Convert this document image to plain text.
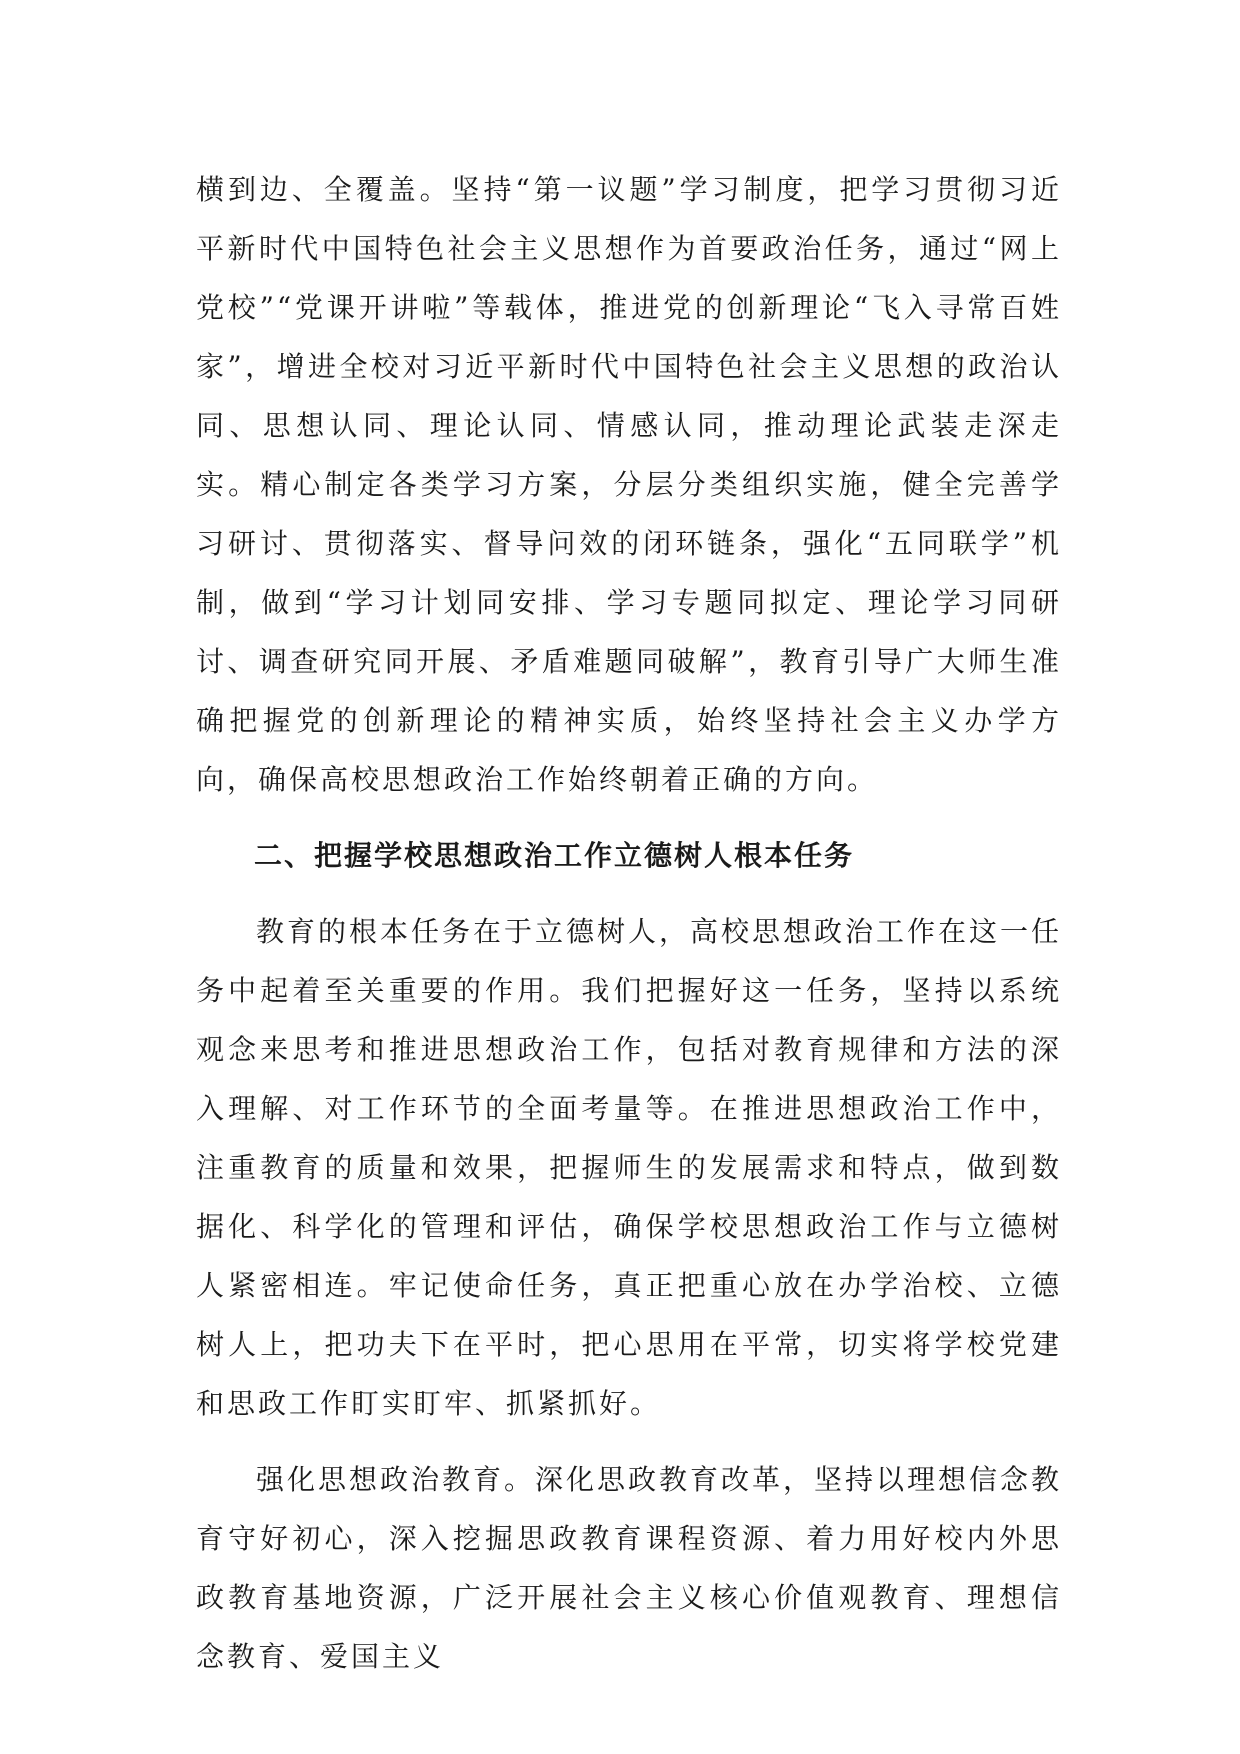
横到边、全覆盖。坚持“第一议题”学习制度，把学习贯彻习近平新时代中国特色社会主义思想作为首要政治任务，通过“网上党校”“党课开讲啦”等载体，推进党的创新理论“飞入寻常百姓家”，增进全校对习近平新时代中国特色社会主义思想的政治认同、思想认同、理论认同、情感认同，推动理论武装走深走实。精心制定各类学习方案，分层分类组织实施，健全完善学习研讨、贯彻落实、督导问效的闭环链条，强化“五同联学”机制，做到“学习计划同安排、学习专题同拟定、理论学习同研讨、调查研究同开展、矛盾难题同破解”，教育引导广大师生准确把握党的创新理论的精神实质，始终坚持社会主义办学方向，确保高校思想政治工作始终朝着正确的方向。

二、把握学校思想政治工作立德树人根本任务

教育的根本任务在于立德树人，高校思想政治工作在这一任务中起着至关重要的作用。我们把握好这一任务，坚持以系统观念来思考和推进思想政治工作，包括对教育规律和方法的深入理解、对工作环节的全面考量等。在推进思想政治工作中，注重教育的质量和效果，把握师生的发展需求和特点，做到数据化、科学化的管理和评估，确保学校思想政治工作与立德树人紧密相连。牢记使命任务，真正把重心放在办学治校、立德树人上，把功夫下在平时，把心思用在平常，切实将学校党建和思政工作盯实盯牢、抓紧抓好。

强化思想政治教育。深化思政教育改革，坚持以理想信念教育守好初心，深入挖掘思政教育课程资源、着力用好校内外思政教育基地资源，广泛开展社会主义核心价值观教育、理想信念教育、爱国主义
